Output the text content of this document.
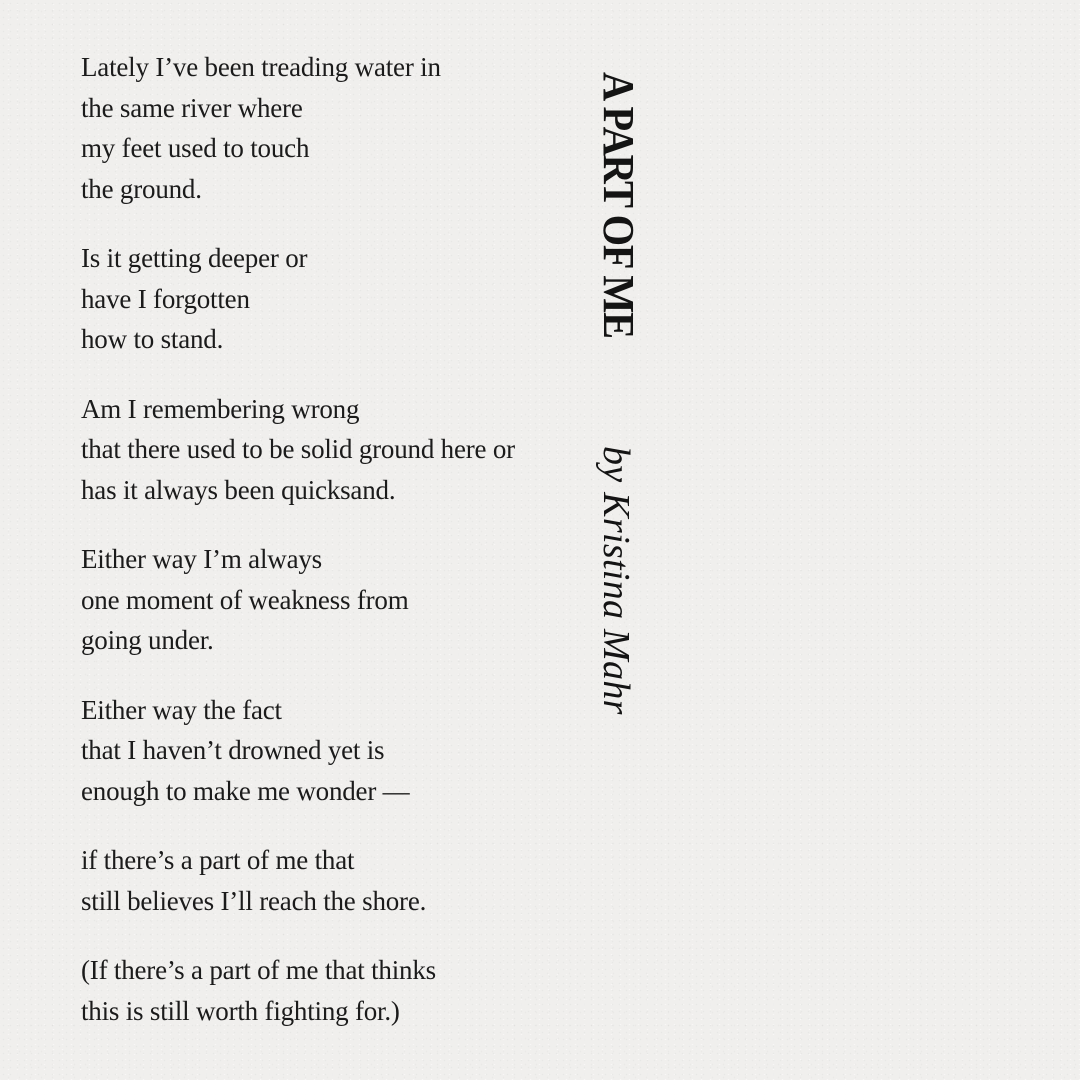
Lately I’ve been treading water in
the same river where
my feet used to touch
the ground.
Is it getting deeper or
have I forgotten
how to stand.
Am I remembering wrong
that there used to be solid ground here or
has it always been quicksand.
Either way I’m always
one moment of weakness from
going under.
Either way the fact
that I haven’t drowned yet is
enough to make me wonder —
if there’s a part of me that
still believes I’ll reach the shore.
(If there’s a part of me that thinks
this is still worth fighting for.)
A PART OF ME
by Kristina Mahr
